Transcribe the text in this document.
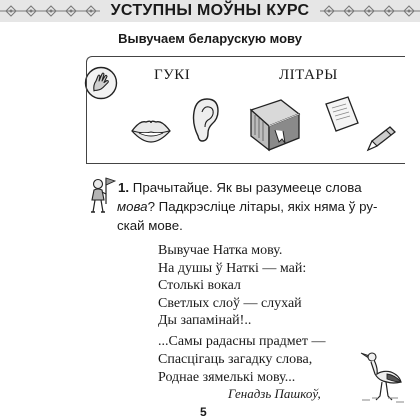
УСТУПНЫ МОЎНЫ КУРС
Вывучаем беларускую мову
ГУКІ	ЛІТАРЫ
1. Прачытайце. Як вы разумееце слова
мова? Падкрэсліце літары, якіх няма ў ру-
скай мове.
Вывучае Натка мову.
На душы ў Наткі — май:
Столькі вокал
Светлых слоў — слухай
Ды запамінай!..
...Самы радасны прадмет —
Спасцігаць загадку слова,
Роднае зямелькі мову...
5
Генадзь Пашкоў,
